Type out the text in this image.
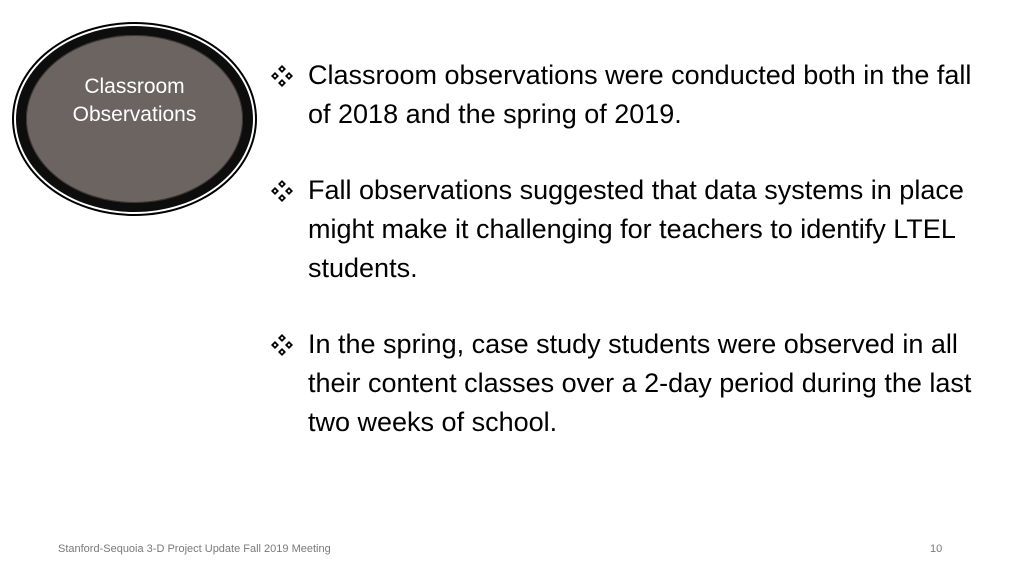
Classroom
Observations
Classroom observations were conducted both in the fall of 2018 and the spring of 2019.
Fall observations suggested that data systems in place might make it challenging for teachers to identify LTEL students.
In the spring, case study students were observed in all their content classes over a 2-day period during the last two weeks of school.
Stanford-Sequoia 3-D Project Update Fall 2019 Meeting	10
